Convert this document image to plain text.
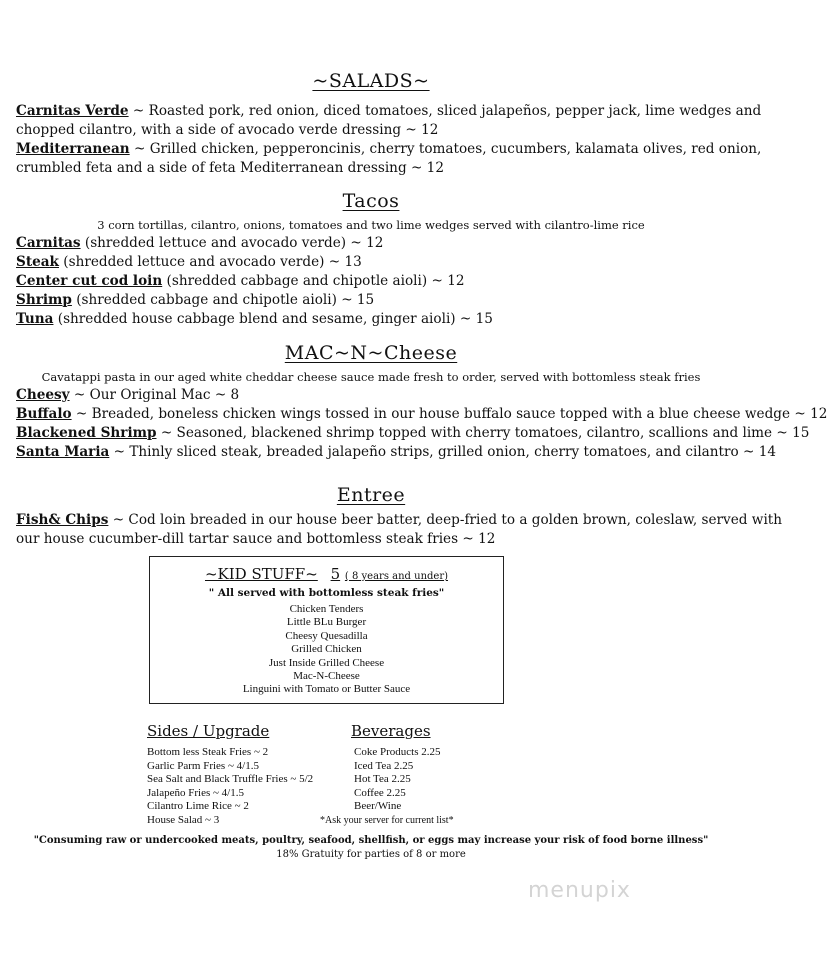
~SALADS~
Carnitas Verde ~ Roasted pork, red onion, diced tomatoes, sliced jalapeños, pepper jack, lime wedges and
chopped cilantro, with a side of avocado verde dressing ~ 12
Mediterranean ~ Grilled chicken, pepperoncinis, cherry tomatoes, cucumbers, kalamata olives, red onion,
crumbled feta and a side of feta Mediterranean dressing ~ 12
Tacos
3 corn tortillas, cilantro, onions, tomatoes and two lime wedges served with cilantro-lime rice
Carnitas (shredded lettuce and avocado verde) ~ 12
Steak (shredded lettuce and avocado verde) ~ 13
Center cut cod loin (shredded cabbage and chipotle aioli) ~ 12
Shrimp (shredded cabbage and chipotle aioli) ~ 15
Tuna (shredded house cabbage blend and sesame, ginger aioli) ~ 15
MAC~N~Cheese
Cavatappi pasta in our aged white cheddar cheese sauce made fresh to order, served with bottomless steak fries
Cheesy ~ Our Original Mac ~ 8
Buffalo ~ Breaded, boneless chicken wings tossed in our house buffalo sauce topped with a blue cheese wedge ~ 12
Blackened Shrimp ~ Seasoned, blackened shrimp topped with cherry tomatoes, cilantro, scallions and lime ~ 15
Santa Maria ~ Thinly sliced steak, breaded jalapeño strips, grilled onion, cherry tomatoes, and cilantro ~ 14
Entree
Fish& Chips ~ Cod loin breaded in our house beer batter, deep-fried to a golden brown, coleslaw, served with
our house cucumber-dill tartar sauce and bottomless steak fries ~ 12
~KID STUFF~ 5 ( 8 years and under)
" All served with bottomless steak fries"
Chicken Tenders
Little BLu Burger
Cheesy Quesadilla
Grilled Chicken
Just Inside Grilled Cheese
Mac-N-Cheese
Linguini with Tomato or Butter Sauce
Sides / Upgrade
Bottom less Steak Fries ~ 2
Garlic Parm Fries ~ 4/1.5
Sea Salt and Black Truffle Fries ~ 5/2
Jalapeño Fries ~ 4/1.5
Cilantro Lime Rice ~ 2
House Salad ~ 3
Beverages
Coke Products 2.25
Iced Tea 2.25
Hot Tea 2.25
Coffee 2.25
Beer/Wine
*Ask your server for current list*
"Consuming raw or undercooked meats, poultry, seafood, shellfish, or eggs may increase your risk of food borne illness"
18% Gratuity for parties of 8 or more
menupix
